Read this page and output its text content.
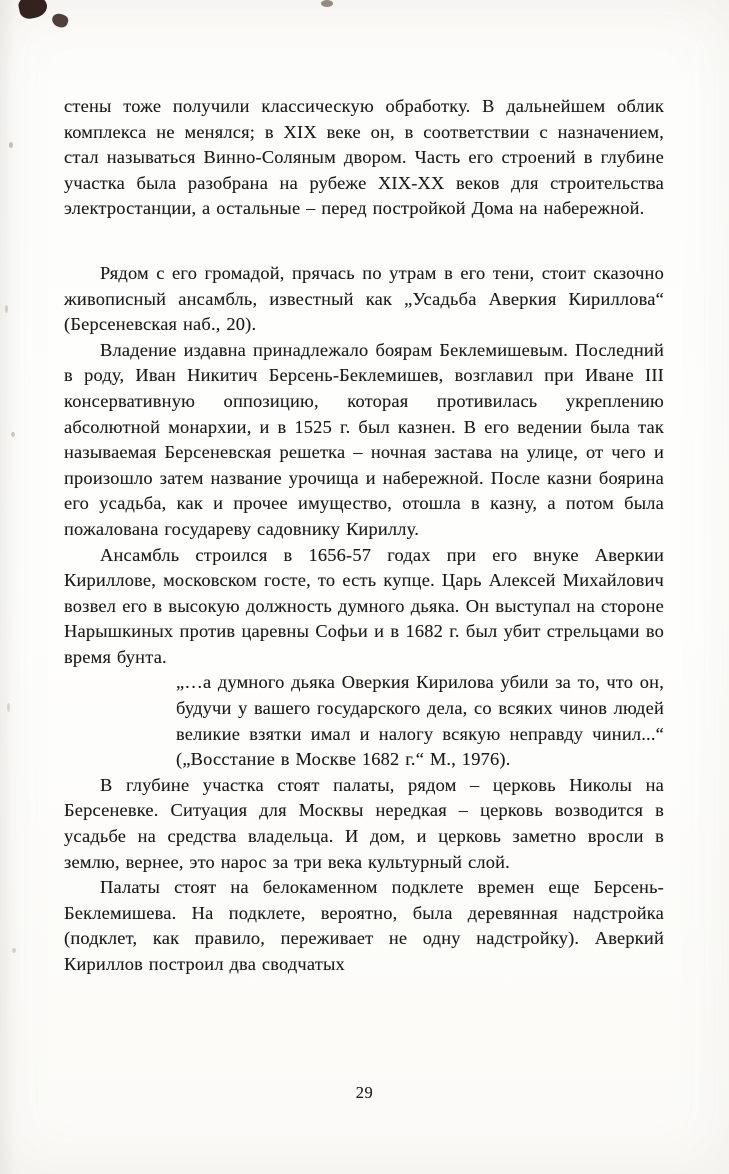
стены тоже получили классическую обработку. В дальнейшем облик комплекса не менялся; в XIX веке он, в соответствии с назначением, стал называться Винно-Соляным двором. Часть его строений в глубине участка была разобрана на рубеже XIX-XX веков для строительства электростанции, а остальные – перед постройкой Дома на набережной.

Рядом с его громадой, прячась по утрам в его тени, стоит сказочно живописный ансамбль, известный как „Усадьба Аверкия Кириллова“ (Берсеневская наб., 20).

Владение издавна принадлежало боярам Беклемишевым. Последний в роду, Иван Никитич Берсень-Беклемишев, возглавил при Иване III консервативную оппозицию, которая противилась укреплению абсолютной монархии, и в 1525 г. был казнен. В его ведении была так называемая Берсеневская решетка – ночная застава на улице, от чего и произошло затем название урочища и набережной. После казни боярина его усадьба, как и прочее имущество, отошла в казну, а потом была пожалована государеву садовнику Кириллу.

Ансамбль строился в 1656-57 годах при его внуке Аверкии Кириллове, московском госте, то есть купце. Царь Алексей Михайлович возвел его в высокую должность думного дьяка. Он выступал на стороне Нарышкиных против царевны Софьи и в 1682 г. был убит стрельцами во время бунта.

„…а думного дьяка Оверкия Кирилова убили за то, что он, будучи у вашего государского дела, со всяких чинов людей великие взятки имал и налогу всякую неправду чинил...“ („Восстание в Москве 1682 г.“ М., 1976).

В глубине участка стоят палаты, рядом – церковь Николы на Берсеневке. Ситуация для Москвы нередкая – церковь возводится в усадьбе на средства владельца. И дом, и церковь заметно вросли в землю, вернее, это нарос за три века культурный слой.

Палаты стоят на белокаменном подклете времен еще Берсень-Беклемишева. На подклете, вероятно, была деревянная надстройка (подклет, как правило, переживает не одну надстройку). Аверкий Кириллов построил два сводчатых

29
